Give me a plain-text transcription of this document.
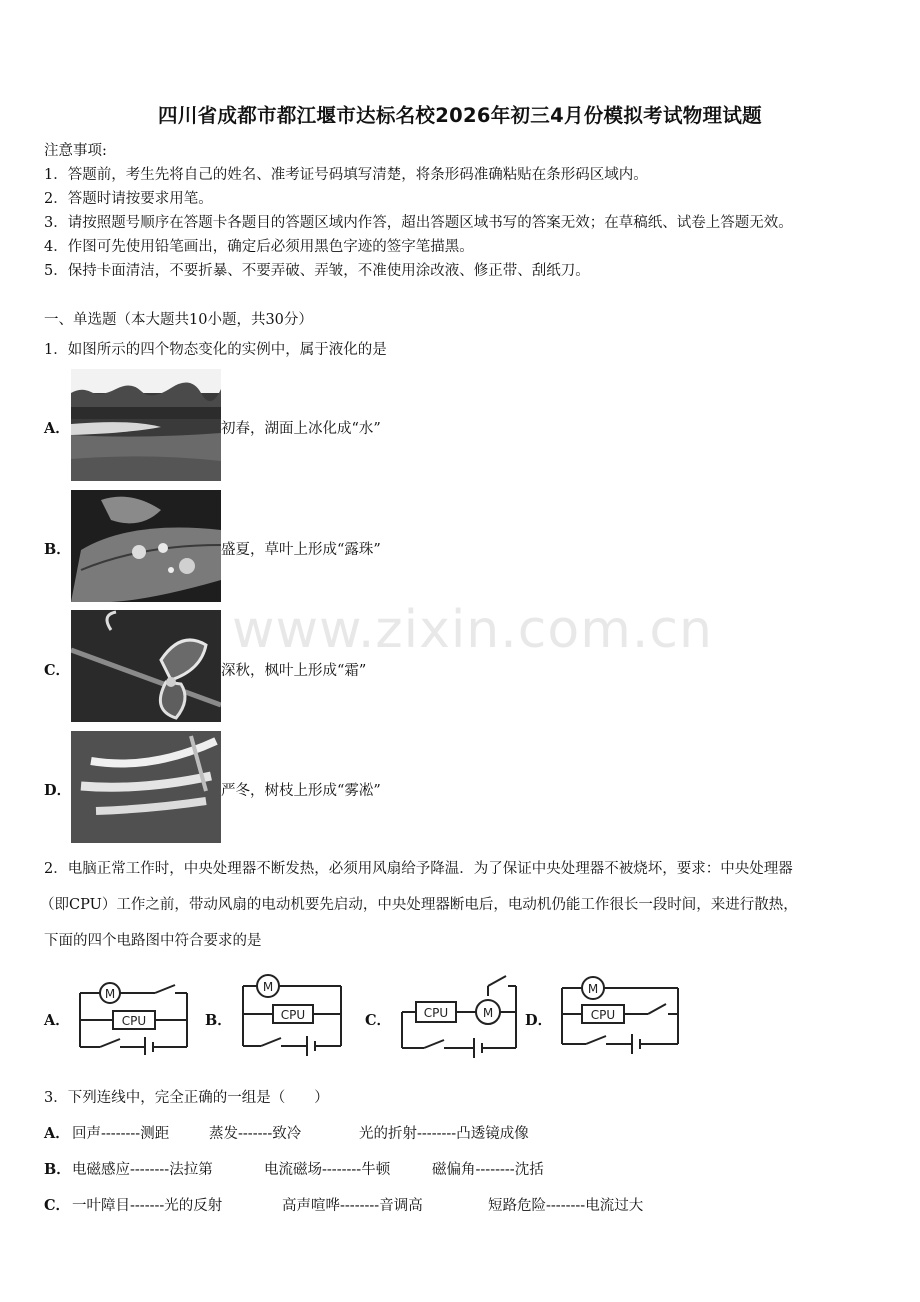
四川省成都市都江堰市达标名校2026年初三4月份模拟考试物理试题
注意事项:
1．答题前，考生先将自己的姓名、准考证号码填写清楚，将条形码准确粘贴在条形码区域内。
2．答题时请按要求用笔。
3．请按照题号顺序在答题卡各题目的答题区域内作答，超出答题区域书写的答案无效；在草稿纸、试卷上答题无效。
4．作图可先使用铅笔画出，确定后必须用黑色字迹的签字笔描黑。
5．保持卡面清洁，不要折暴、不要弄破、弄皱，不准使用涂改液、修正带、刮纸刀。
一、单选题（本大题共10小题，共30分）
1．如图所示的四个物态变化的实例中，属于液化的是
A．	初春，湖面上冰化成“水”
B．	盛夏，草叶上形成“露珠”
C．	深秋，枫叶上形成“霜”
D．	严冬，树枝上形成“雾凇”
www.zixin.com.cn
2．电脑正常工作时，中央处理器不断发热，必须用风扇给予降温．为了保证中央处理器不被烧坏，要求：中央处理器
（即CPU）工作之前，带动风扇的电动机要先启动，中央处理器断电后，电动机仍能工作很长一段时间，来进行散热，
下面的四个电路图中符合要求的是
A．
M
CPU	B．
M
CPU	C．	CPU	M D．
M
CPU
3．下列连线中，完全正确的一组是（　　）
A． 回声--------测距	蒸发-------致冷	光的折射--------凸透镜成像
B． 电磁感应--------法拉第	电流磁场--------牛顿	磁偏角--------沈括
C． 一叶障目-------光的反射	高声喧哗--------音调高	短路危险--------电流过大
